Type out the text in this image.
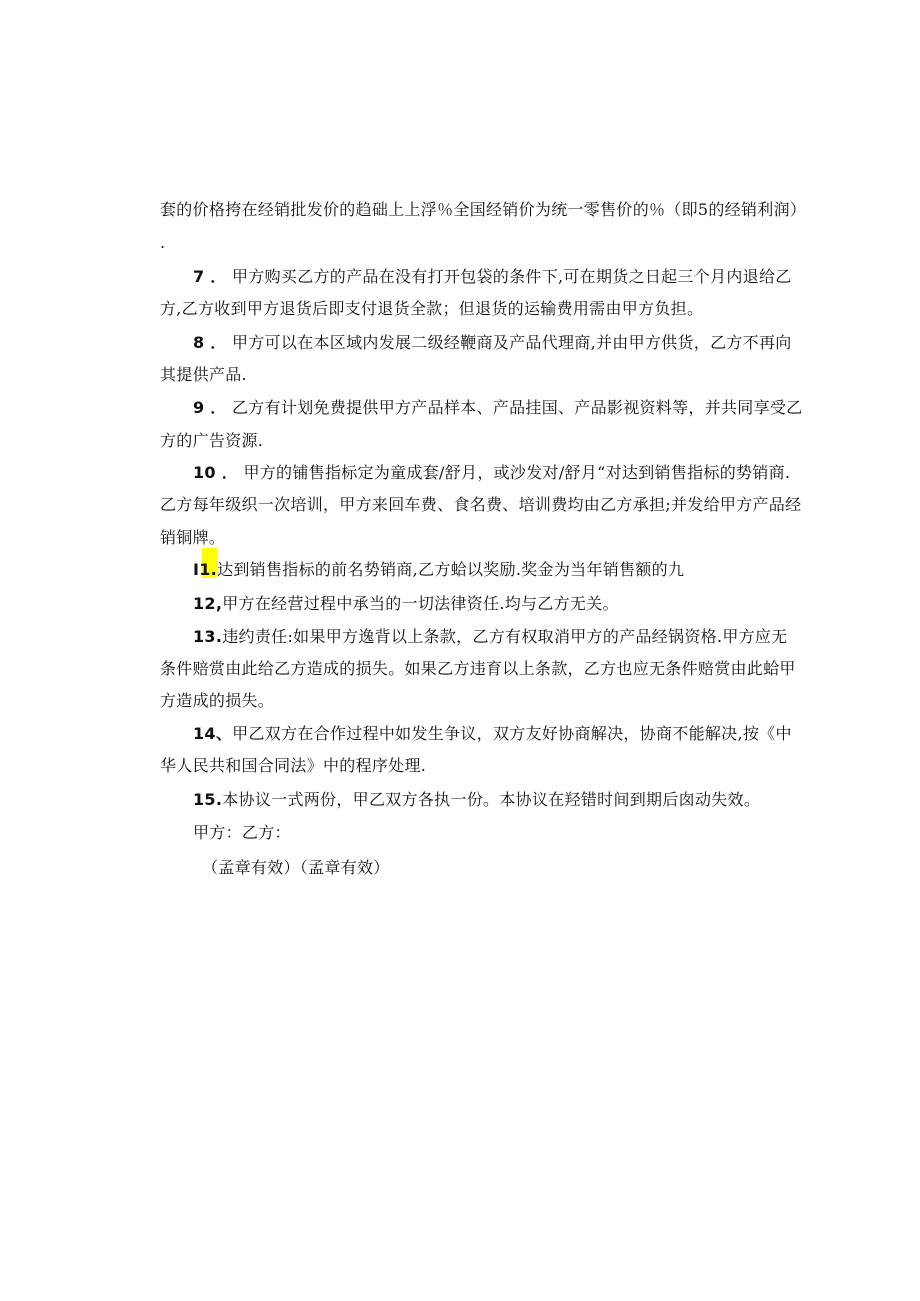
套的价格挎在经销批发价的趋础上上浮％全国经销价为统一零售价的％（即5的经销利润）
.
7 ． 甲方购买乙方的产品在没有打开包袋的条件下,可在期货之日起三个月内退给乙
方,乙方收到甲方退货后即支付退货全款；但退货的运输费用需由甲方负担。
8 ． 甲方可以在本区域内发展二级经鞭商及产品代理商,并由甲方供货，乙方不再向
其提供产品.
9 ． 乙方有计划免费提供甲方产品样本、产品挂国、产品影视资料等，并共同享受乙
方的广告资源.
10 ． 甲方的铺售指标定为童成套/舒月，或沙发对/舒月“对达到销售指标的势销商.
乙方每年级织一次培训，甲方来回车费、食名费、培训费均由乙方承担;并发给甲方产品经
销铜牌。
I1.达到销售指标的前名势销商,乙方蛤以奖励.奖金为当年销售额的九
12,甲方在经营过程中承当的一切法律资任.均与乙方无关。
13.违约责任:如果甲方逸背以上条款，乙方有权取消甲方的产品经锅资格.甲方应无
条件赔赏由此给乙方造成的损失。如果乙方违育以上条款，乙方也应无条件赔赏由此蛤甲
方造成的损失。
14、甲乙双方在合作过程中如发生争议，双方友好协商解决，协商不能解决,按《中
华人民共和国合同法》中的程序处理.
15.本协议一式两份，甲乙双方各执一份。本协议在羟错时间到期后囱动失效。
甲方：乙方：
（孟章有效）（孟章有效）
